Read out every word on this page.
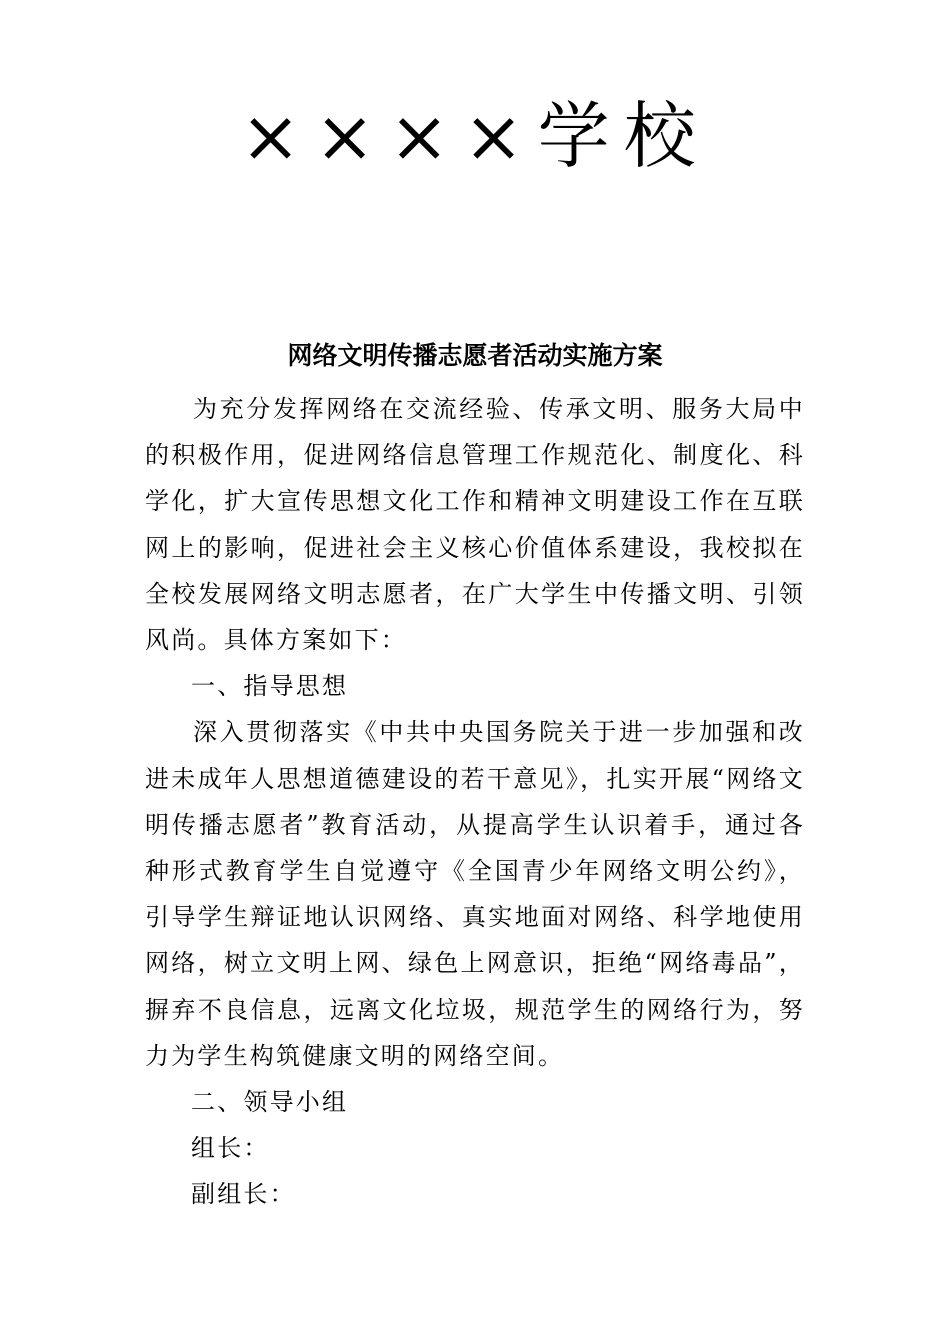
××××学校
网络文明传播志愿者活动实施方案

为充分发挥网络在交流经验、传承文明、服务大局中的积极作用，促进网络信息管理工作规范化、制度化、科学化，扩大宣传思想文化工作和精神文明建设工作在互联网上的影响，促进社会主义核心价值体系建设，我校拟在全校发展网络文明志愿者，在广大学生中传播文明、引领风尚。具体方案如下：

一、指导思想

深入贯彻落实《中共中央国务院关于进一步加强和改进未成年人思想道德建设的若干意见》，扎实开展“网络文明传播志愿者”教育活动，从提高学生认识着手，通过各种形式教育学生自觉遵守《全国青少年网络文明公约》，引导学生辩证地认识网络、真实地面对网络、科学地使用网络，树立文明上网、绿色上网意识，拒绝“网络毒品”，摒弃不良信息，远离文化垃圾，规范学生的网络行为，努力为学生构筑健康文明的网络空间。

二、领导小组

组长：

副组长：
